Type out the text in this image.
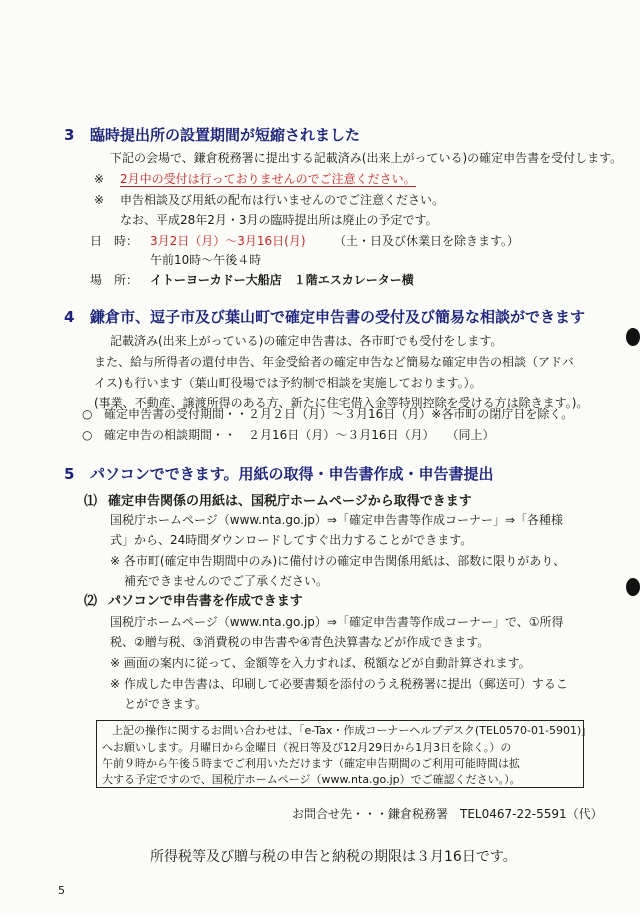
3 臨時提出所の設置期間が短縮されました
下記の会場で、鎌倉税務署に提出する記載済み(出来上がっている)の確定申告書を受付します。
※ 2月中の受付は行っておりませんのでご注意ください。
※ 申告相談及び用紙の配布は行いませんのでご注意ください。
なお、平成28年2月・3月の臨時提出所は廃止の予定です。
日　時： 3月2日（月）～3月16日(月) （土・日及び休業日を除きます。）
午前10時～午後４時
場　所： イトーヨーカドー大船店　１階エスカレーター横
4 鎌倉市、逗子市及び葉山町で確定申告書の受付及び簡易な相談ができます
記載済み(出来上がっている)の確定申告書は、各市町でも受付をします。
また、給与所得者の還付申告、年金受給者の確定申告など簡易な確定申告の相談（アドバ
イス)も行います（葉山町役場では予約制で相談を実施しております。）。
(事業、不動産、譲渡所得のある方、新たに住宅借入金等特別控除を受ける方は除きます。)。
○ 確定申告書の受付期間・・２月２日（月）～３月16日（月）※各市町の閉庁日を除く。
○ 確定申告の相談期間・・　２月16日（月）～３月16日（月）　　（同上）
5 パソコンでできます。用紙の取得・申告書作成・申告書提出
⑴ 確定申告関係の用紙は、国税庁ホームページから取得できます
国税庁ホームページ（www.nta.go.jp）⇒「確定申告書等作成コーナー」⇒「各種様
式」から、24時間ダウンロードしてすぐ出力することができます。
※ 各市町(確定申告期間中のみ)に備付けの確定申告関係用紙は、部数に限りがあり、
補充できませんのでご了承ください。
⑵ パソコンで申告書を作成できます
国税庁ホームページ（www.nta.go.jp）⇒「確定申告書等作成コーナー」で、①所得
税、②贈与税、③消費税の申告書や④青色決算書などが作成できます。
※ 画面の案内に従って、金額等を入力すれば、税額などが自動計算されます。
※ 作成した申告書は、印刷して必要書類を添付のうえ税務署に提出（郵送可）するこ
とができます。
上記の操作に関するお問い合わせは、「e-Tax・作成コーナーヘルプデスク(TEL0570-01-5901)」
へお願いします。月曜日から金曜日（祝日等及び12月29日から1月3日を除く。）の
午前９時から午後５時までご利用いただけます（確定申告期間のご利用可能時間は拡
大する予定ですので、国税庁ホームページ（www.nta.go.jp）でご確認ください。）。
お問合せ先・・・鎌倉税務署　TEL0467-22-5591（代）
所得税等及び贈与税の申告と納税の期限は３月16日です。
5
